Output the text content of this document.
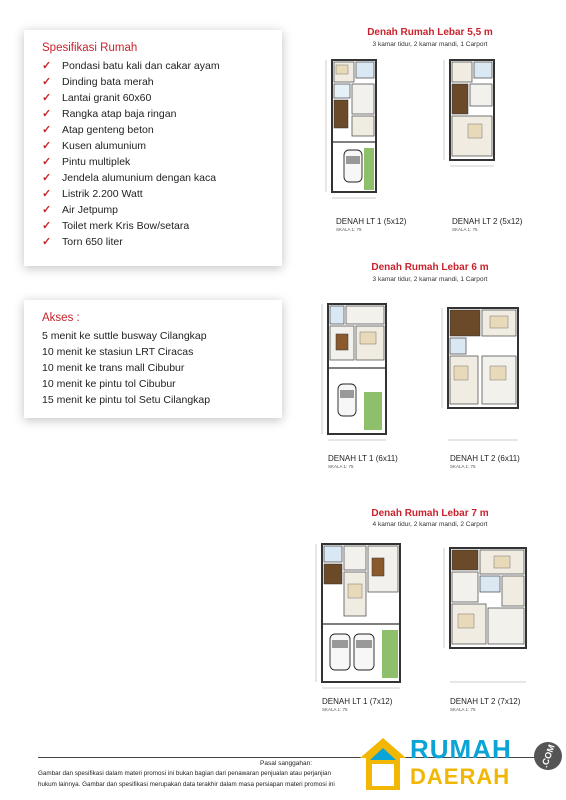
Spesifikasi Rumah
✓ Pondasi batu kali dan cakar ayam
✓ Dinding bata merah
✓ Lantai granit 60x60
✓ Rangka atap baja ringan
✓ Atap genteng beton
✓ Kusen alumunium
✓ Pintu multiplek
✓ Jendela alumunium dengan kaca
✓ Listrik 2.200 Watt
✓ Air Jetpump
✓ Toilet merk Kris Bow/setara
✓ Torn 650 liter
Akses :
5 menit ke suttle busway Cilangkap
10 menit ke stasiun LRT Ciracas
10 menit ke trans mall Cibubur
10 menit ke pintu tol Cibubur
15 menit ke pintu tol Setu Cilangkap
Denah Rumah Lebar 5,5 m
3 kamar tidur, 2 kamar mandi, 1 Carport
DENAH LT 1 (5x12)
SKALA 1: 75
DENAH LT 2 (5x12)
SKALA 1: 75
Denah Rumah Lebar 6 m
3 kamar tidur, 2 kamar mandi, 1 Carport
DENAH LT 1 (6x11)
SKALA 1: 75
DENAH LT 2 (6x11)
SKALA 1: 75
Denah Rumah Lebar 7 m
4 kamar tidur, 2 kamar mandi, 2 Carport
DENAH LT 1 (7x12)
SKALA 1: 75
DENAH LT 2 (7x12)
SKALA 1: 75
Pasal sanggahan:
Gambar dan spesifikasi dalam materi promosi ini bukan bagian dari penawaran penjualan atau perjanjian
hukum lainnya. Gambar dan spesifikasi merupakan data terakhir dalam masa persiapan materi promosi ini
RUMAH
DAERAH
.COM
